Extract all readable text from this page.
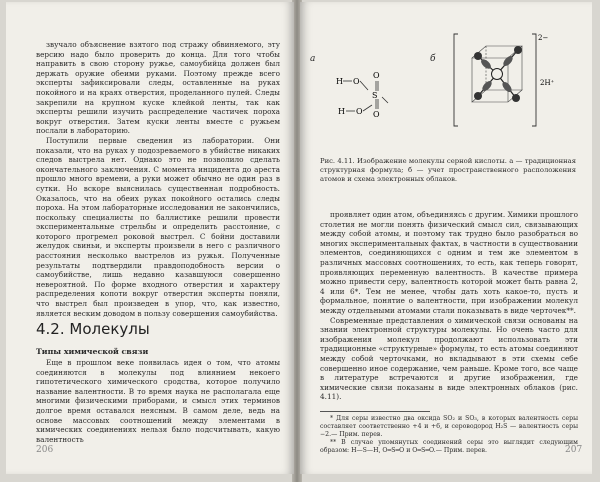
звучало объяснение взятого под стражу обвиняемого, эту версию надо было проверить до конца. Для того чтобы направить в свою сторону ружье, самоубийца должен был держать оружие обеими руками. Поэтому прежде всего эксперты зафиксировали следы, оставленные на руках покойного и на краях отверстия, проделанного пулей. Следы закрепили на крупном куске клейкой ленты, так как эксперты решили изучить распределение частичек пороха вокруг отверстия. Затем куски ленты вместе с ружьем послали в лабораторию.

Поступили первые сведения из лаборатории. Они показали, что на руках у подозреваемого в убийстве никаких следов выстрела нет. Однако это не позволило сделать окончательного заключения. С момента инцидента до ареста прошло много времени, а руки может обычно не один раз в сутки. Но вскоре выяснилась существенная подробность. Оказалось, что на обеих руках покойного остались следы пороха. На этом лабораторные исследования не закончились, поскольку специалисты по баллистике решили провести экспериментальные стрельбы и определить расстояние, с которого прогремел роковой выстрел. С бойни доставили желудок свиньи, и эксперты произвели в него с различного расстояния несколько выстрелов из ружья. Полученные результаты подтвердили правдоподобность версии о самоубийстве, лишь недавно казавшуюся совершенно невероятной. По форме входного отверстия и характеру распределения копоти вокруг отверстия эксперты поняли, что выстрел был произведен в упор, что, как известно, является веским доводом в пользу совершения самоубийства.

4.2. Молекулы
Типы химической связи

Еще в прошлом веке появилась идея о том, что атомы соединяются в молекулы под влиянием некоего гипотетического химического сродства, которое получило название валентности. В то время наука не располагала еще многими физическими приборами, и смысл этих терминов долгое время оставался неясным. В самом деле, ведь на основе массовых соотношений между элементами в химических соединениях нельзя было подсчитывать, какую валентность

206
а	б
H O
S
O
O
O
H
2−
2H⁺
Рис. 4.11. Изображение молекулы серной кислоты. а — традиционная структурная формула; б — учет пространственного расположения атомов и схема электронных облаков.

проявляет один атом, объединяясь с другим. Химики прошлого столетия не могли понять физический смысл сил, связывающих между собой атомы, и поэтому так трудно было разобраться во многих экспериментальных фактах, в частности в существовании элементов, соединяющихся с одним и тем же элементом в различных массовых соотношениях, то есть, как теперь говорят, проявляющих переменную валентность. В качестве примера можно привести серу, валентность которой может быть равна 2, 4 или 6*. Тем не менее, чтобы дать хоть какое-то, пусть и формальное, понятие о валентности, при изображении молекул между отдельными атомами стали показывать в виде черточек**.

Современные представления о химической связи основаны на знании электронной структуры молекулы. Но очень часто для изображения молекул продолжают использовать эти традиционные «структурные» формулы, то есть атомы соединяют между собой черточками, но вкладывают в эти схемы себе совершенно иное содержание, чем раньше. Кроме того, все чаще в литературе встречаются и другие изображения, где химические связи показаны в виде электронных облаков (рис. 4.11).

* Для серы известно два оксида SO₂ и SO₃, в которых валентность серы составляет соответственно +4 и +6, и сероводород H₂S — валентность серы −2.— Прим. перев.

** В случае упомянутых соединений серы это выглядит следующим образом: H—S—H, O═S═O и O═S═O.— Прим. перев.	207
